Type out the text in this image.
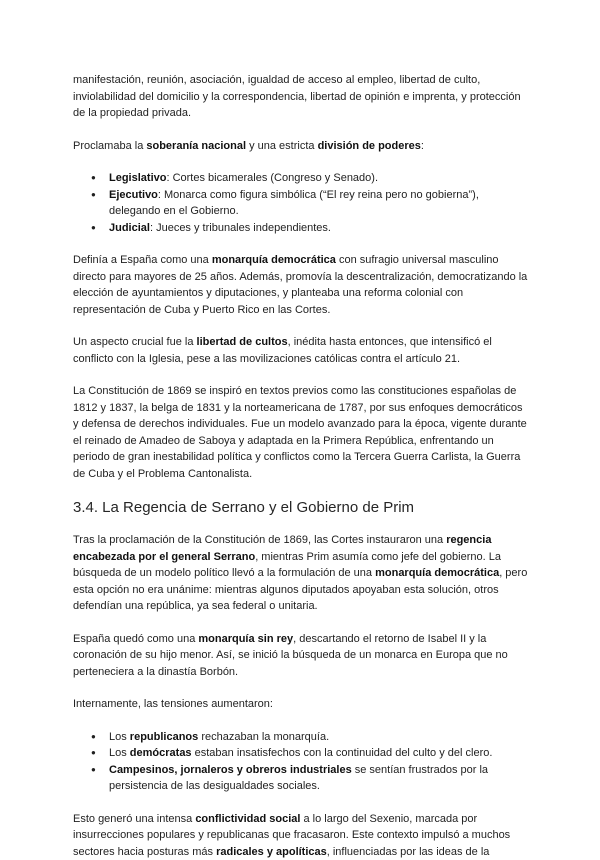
manifestación, reunión, asociación, igualdad de acceso al empleo, libertad de culto, inviolabilidad del domicilio y la correspondencia, libertad de opinión e imprenta, y protección de la propiedad privada.

Proclamaba la soberanía nacional y una estricta división de poderes:

● Legislativo: Cortes bicamerales (Congreso y Senado).
● Ejecutivo: Monarca como figura simbólica (“El rey reina pero no gobierna”), delegando en el Gobierno.
● Judicial: Jueces y tribunales independientes.

Definía a España como una monarquía democrática con sufragio universal masculino directo para mayores de 25 años. Además, promovía la descentralización, democratizando la elección de ayuntamientos y diputaciones, y planteaba una reforma colonial con representación de Cuba y Puerto Rico en las Cortes.

Un aspecto crucial fue la libertad de cultos, inédita hasta entonces, que intensificó el conflicto con la Iglesia, pese a las movilizaciones católicas contra el artículo 21.

La Constitución de 1869 se inspiró en textos previos como las constituciones españolas de 1812 y 1837, la belga de 1831 y la norteamericana de 1787, por sus enfoques democráticos y defensa de derechos individuales. Fue un modelo avanzado para la época, vigente durante el reinado de Amadeo de Saboya y adaptada en la Primera República, enfrentando un periodo de gran inestabilidad política y conflictos como la Tercera Guerra Carlista, la Guerra de Cuba y el Problema Cantonalista.

3.4. La Regencia de Serrano y el Gobierno de Prim

Tras la proclamación de la Constitución de 1869, las Cortes instauraron una regencia encabezada por el general Serrano, mientras Prim asumía como jefe del gobierno. La búsqueda de un modelo político llevó a la formulación de una monarquía democrática, pero esta opción no era unánime: mientras algunos diputados apoyaban esta solución, otros defendían una república, ya sea federal o unitaria.

España quedó como una monarquía sin rey, descartando el retorno de Isabel II y la coronación de su hijo menor. Así, se inició la búsqueda de un monarca en Europa que no perteneciera a la dinastía Borbón.

Internamente, las tensiones aumentaron:

● Los republicanos rechazaban la monarquía.
● Los demócratas estaban insatisfechos con la continuidad del culto y del clero.
● Campesinos, jornaleros y obreros industriales se sentían frustrados por la persistencia de las desigualdades sociales.

Esto generó una intensa conflictividad social a lo largo del Sexenio, marcada por insurrecciones populares y republicanas que fracasaron. Este contexto impulsó a muchos sectores hacia posturas más radicales y apolíticas, influenciadas por las ideas de la
